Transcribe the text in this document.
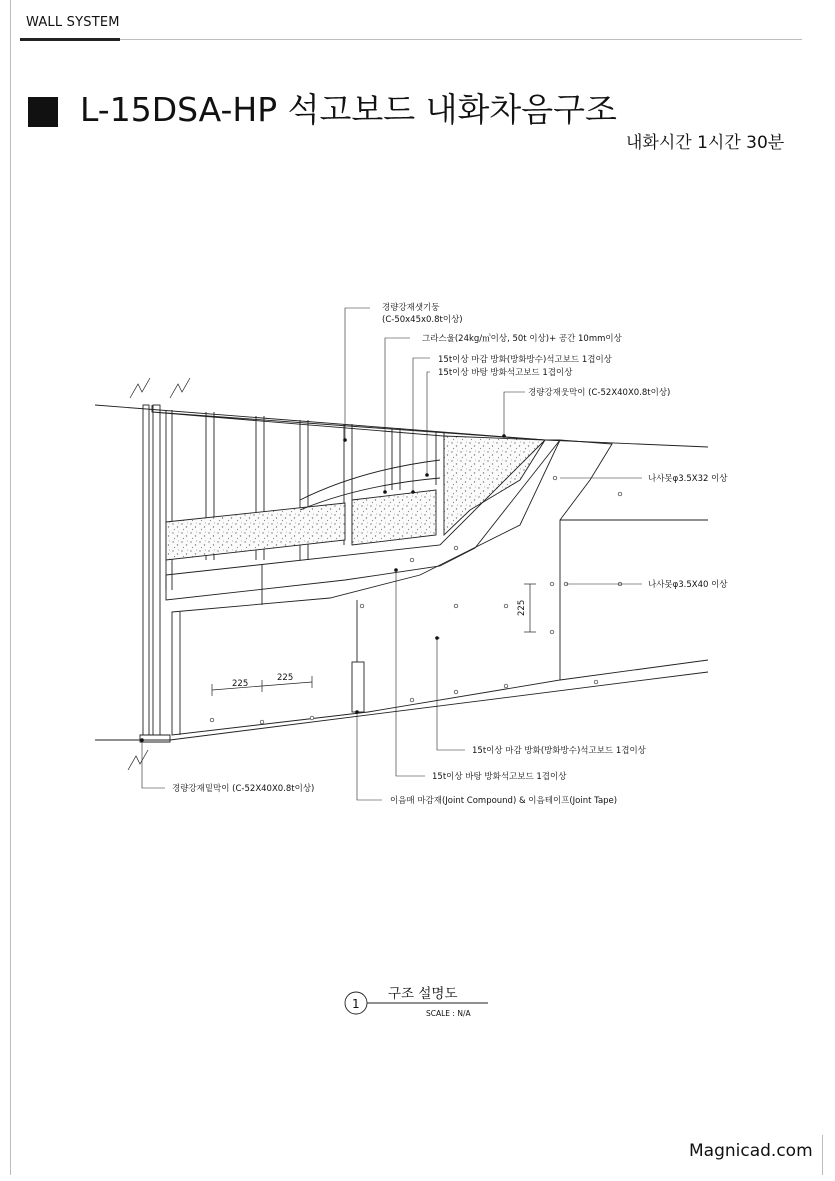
WALL SYSTEM
L-15DSA-HP 석고보드 내화차음구조
내화시간 1시간 30분
경량강재샛기둥
(C-50x45x0.8t이상)
그라스울(24kg/㎥이상, 50t 이상)+ 공간 10mm이상
15t이상 마감 방화(방화방수)석고보드 1겹이상
15t이상 바탕 방화석고보드 1겹이상
경량강재웃막이 (C-52X40X0.8t이상)
나사못φ3.5X32 이상
나사못φ3.5X40 이상
15t이상 마감 방화(방화방수)석고보드 1겹이상
15t이상 바탕 방화석고보드 1겹이상
이음매 마감재(Joint Compound) & 이음테이프(Joint Tape)
경량강재밑막이 (C-52X40X0.8t이상)
225
225
225
1
구조 설명도
SCALE : N/A
Magnicad.com
